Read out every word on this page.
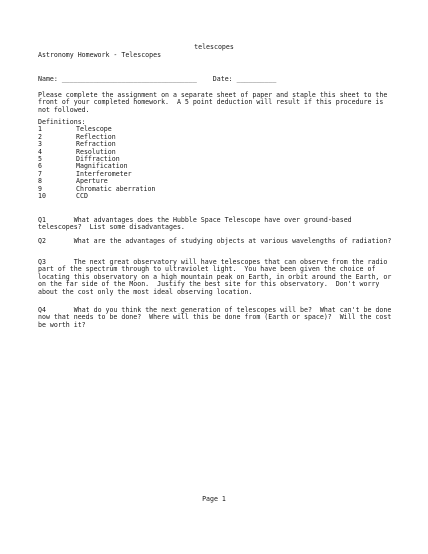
telescopes
Astronomy Homework - Telescopes
Name: __________________________________ Date: __________
Please complete the assignment on a separate sheet of paper and staple this sheet to the front of your completed homework.  A 5 point deduction will result if this procedure is not followed.
Definitions:
1	Telescope
2	Reflection
3	Refraction
4	Resolution
5	Diffraction
6	Magnification
7	Interferometer
8	Aperture
9	Chromatic aberration
10	CCD
Q1	What advantages does the Hubble Space Telescope have over ground-based telescopes?  List some disadvantages.
Q2	What are the advantages of studying objects at various wavelengths of radiation?
Q3	The next great observatory will have telescopes that can observe from the radio part of the spectrum through to ultraviolet light.  You have been given the choice of locating this observatory on a high mountain peak on Earth, in orbit around the Earth, or on the far side of the Moon.  Justify the best site for this observatory.  Don't worry about the cost only the most ideal observing location.
Q4	What do you think the next generation of telescopes will be?  What can't be done now that needs to be done?  Where will this be done from (Earth or space)?  Will the cost be worth it?
Page 1
